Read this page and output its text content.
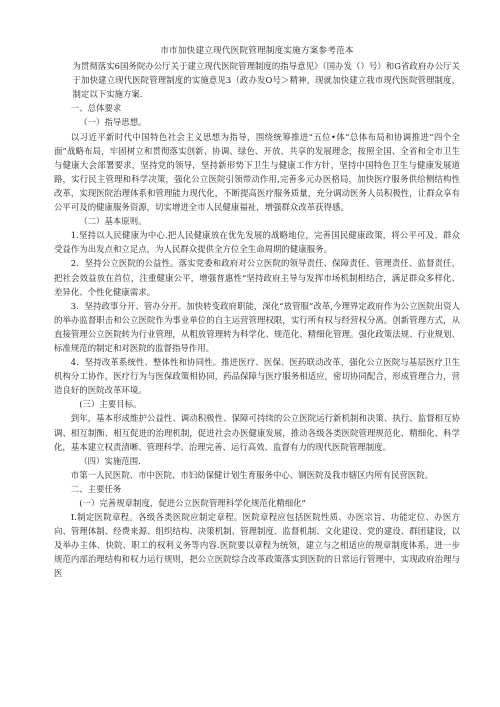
市市加快建立现代医院管理制度实施方案参考范本

为贯彻落实6国务院办公厅关于建立现代医院管理制度的指导意见》（国办发（）号）和G省政府办公厅关于加快建立现代医院管理制度的实施意见3（政办发O号＞精神，现就加快建立我市现代医院管理制度，制定以下实施方案.

一、总体要求

（一）指导思想。

以习近平新时代中国特色社会主义思想为指导，围绕统筹推进“五位•体”总体布局和协调推进“四个全面”战略布局，牢固树立和贯彻落实创新、协调、绿色、开放、共享的发展理念，按照全国、全省和全市卫生与健康大会部署要求，坚持党的领导，坚持新形势下卫生与健康工作方针，坚持中国特色卫生与健康发展道路，实行民主管理和科学决策，强化公立医院引领带动作用,完善多元办医格局，加快医疗服务供给侧结构性改革，实现医院治理体系和管理能力现代化，不断提高医疗服务质量，充分调动医务人员积极性，让群众享有公平可及的健康服务资源，切实增进全市人民健康福祉，增强群众改革获得感。

（二）基本原则。

1.坚持以人民健康为中心.把人民健康放在优先发展的战略地位，完善国民健康政策，将公平可及、群众受益作为出发点和立足点，为人民群众提供全方位全生命周期的健康服务。

2．坚持公立医院的公益性。落实党委和政府对公立医院的领导责任、保障责任、管理责任、监督责任，把社会效益放在首位，注重健康公平，增强普惠性“坚持政府主导与发挥市场机制相结合，满足群众多样化、差异化、个性化健康需求。

3．坚持政事分开、管办分开。加快转变政府职能，深化“放管服”改革,今理界定政府作为公立医院出资人的举办监督职击和公立医院作为事业单位的自主运营管理权限，实行所有权与经营权分离。创新管理方式，从直接管理公立医院转为行业管理，从粗放管理转为科学化、规范化、精细化管理。强化政策法规、行业规划、标准规范的制定和对医院的监督指导作用。

4．坚持改革系统性、整体性和协同性。推进医疗、医保、医药联动改革，强化公立医院与基层医疗卫生机构分工协作，医疗行为与医保政策相协同，药品保障与医疗服务相适应，密切协同配合，形成管理合力，营造良好的医院改革环境。

(三）主要目标。

到年，基本形成维护公益性、调动积极性、保障可持续的公立医院运行新机制和决策、执行、监督相互协调、相互制衡、相互促进的治理机制，促进社会办医健康发展，推动各级各类医院管理规范化、精细化、科学化，基本建立权责清晰、管理科学、治理完善、运行高效、监督有力的现代医院管理制度。

（四）实施范围.

市第一人民医院、市中医院、市妇幼保健计划生育服务中心、钢医院及我市辖区内所有民营医院。

二、主要任务

(一）完善规章制度，促进公立医院管理科学化规范化精细化“

I.制定医院章程。各级各类医院应制定章程。医院章程应包括医院性质、办医宗旨、功能定位、办医方向、管理体制、经费来源、组织结构、决策机制、管理制度、监督机制、文化建设、党的建设、群团建设，以及举办主体、快院、职工的权利义务等内容.医院要以章程为统领，建立与之相适应的规章制度体系，进一步规范内部治理结构和权力运行规则，把公立医院综合改革政策落实到医院的日常运行管理中，实现政府治理与医
